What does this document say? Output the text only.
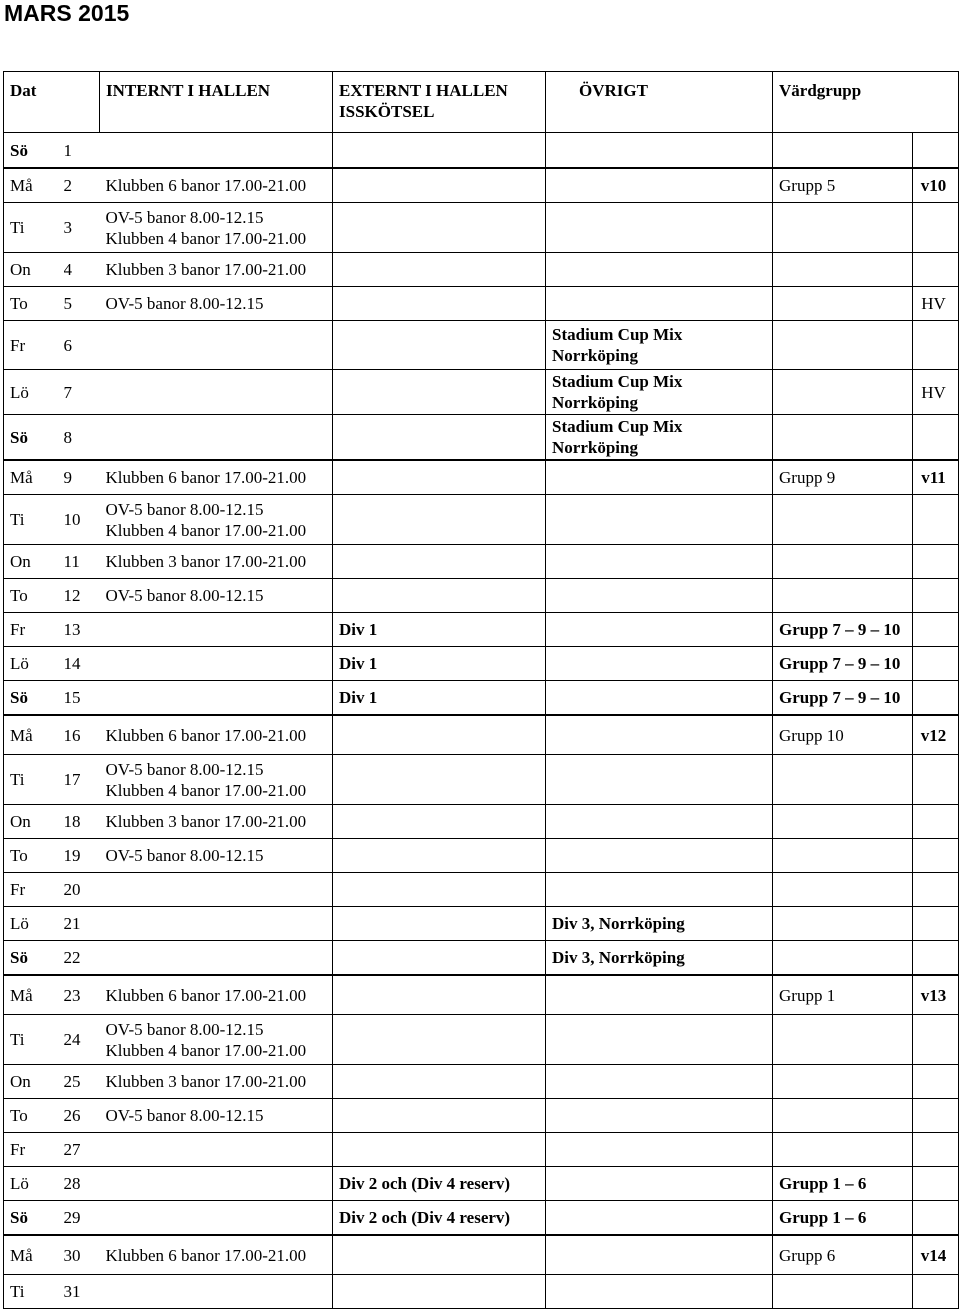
MARS 2015
Dat		INTERNT I HALLEN	EXTERNT I HALLEN
ISSKÖTSEL	ÖVRIGT	Värdgrupp	

Sö	1					

Må	2	Klubben 6 banor 17.00-21.00			Grupp 5	v10

Ti	3	OV-5 banor 8.00-12.15
Klubben 4 banor 17.00-21.00				

On	4	Klubben 3 banor 17.00-21.00				

To	5	OV-5 banor 8.00-12.15				HV

Fr	6			Stadium Cup Mix
Norrköping		

Lö	7			Stadium Cup Mix
Norrköping		HV

Sö	8			Stadium Cup Mix
Norrköping		

Må	9	Klubben 6 banor 17.00-21.00			Grupp 9	v11

Ti	10	OV-5 banor 8.00-12.15
Klubben 4 banor 17.00-21.00				

On	11	Klubben 3 banor 17.00-21.00				

To	12	OV-5 banor 8.00-12.15				

Fr	13		Div 1		Grupp 7 – 9 – 10	

Lö	14		Div 1		Grupp 7 – 9 – 10	

Sö	15		Div 1		Grupp 7 – 9 – 10	

Må	16	Klubben 6 banor 17.00-21.00			Grupp 10	v12

Ti	17	OV-5 banor 8.00-12.15
Klubben 4 banor 17.00-21.00				

On	18	Klubben 3 banor 17.00-21.00				

To	19	OV-5 banor 8.00-12.15				

Fr	20					

Lö	21			Div 3, Norrköping		

Sö	22			Div 3, Norrköping		

Må	23	Klubben 6 banor 17.00-21.00			Grupp 1	v13

Ti	24	OV-5 banor 8.00-12.15
Klubben 4 banor 17.00-21.00				

On	25	Klubben 3 banor 17.00-21.00				

To	26	OV-5 banor 8.00-12.15				

Fr	27					

Lö	28		Div 2 och (Div 4 reserv)		Grupp 1 – 6	

Sö	29		Div 2 och (Div 4 reserv)		Grupp 1 – 6	

Må	30	Klubben 6 banor 17.00-21.00			Grupp 6	v14

Ti	31					
